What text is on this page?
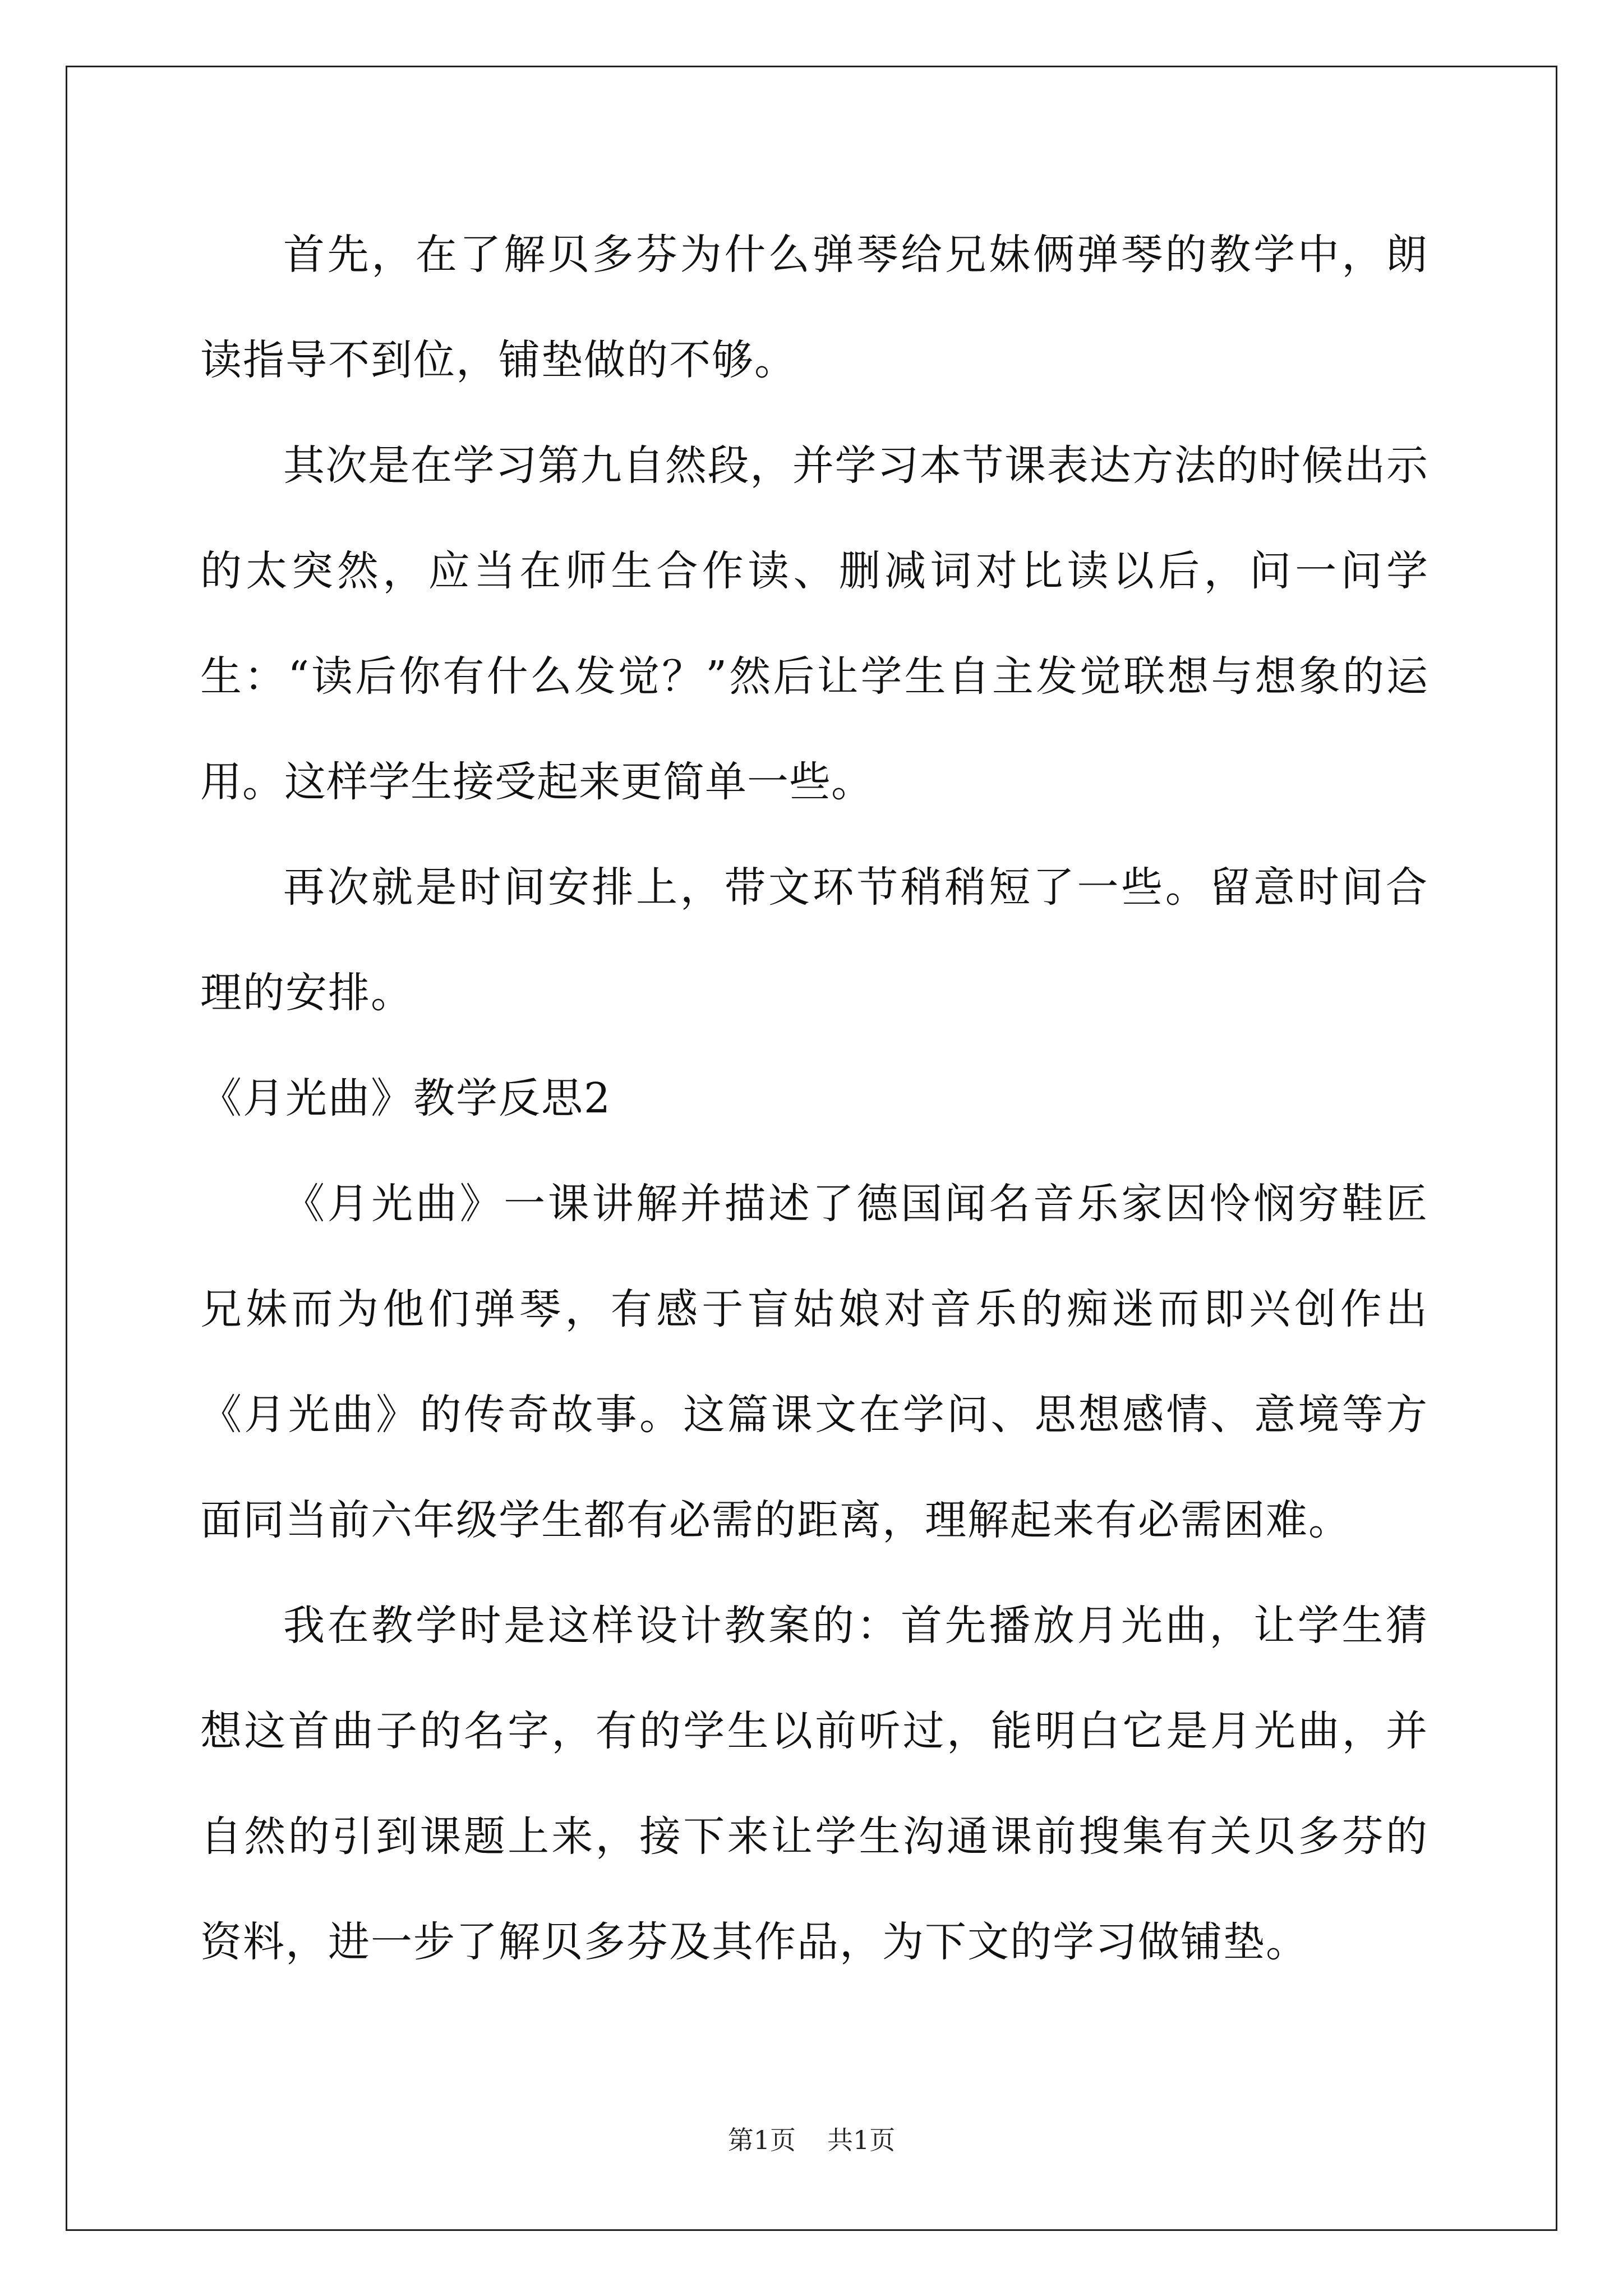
首先，在了解贝多芬为什么弹琴给兄妹俩弹琴的教学中，朗读指导不到位，铺垫做的不够。

其次是在学习第九自然段，并学习本节课表达方法的时候出示的太突然，应当在师生合作读、删减词对比读以后，问一问学生：“读后你有什么发觉？”然后让学生自主发觉联想与想象的运用。这样学生接受起来更简单一些。

再次就是时间安排上，带文环节稍稍短了一些。留意时间合理的安排。

《月光曲》教学反思2

《月光曲》一课讲解并描述了德国闻名音乐家因怜悯穷鞋匠兄妹而为他们弹琴，有感于盲姑娘对音乐的痴迷而即兴创作出《月光曲》的传奇故事。这篇课文在学问、思想感情、意境等方面同当前六年级学生都有必需的距离，理解起来有必需困难。

我在教学时是这样设计教案的：首先播放月光曲，让学生猜想这首曲子的名字，有的学生以前听过，能明白它是月光曲，并自然的引到课题上来，接下来让学生沟通课前搜集有关贝多芬的资料，进一步了解贝多芬及其作品，为下文的学习做铺垫。

第1页 共1页
